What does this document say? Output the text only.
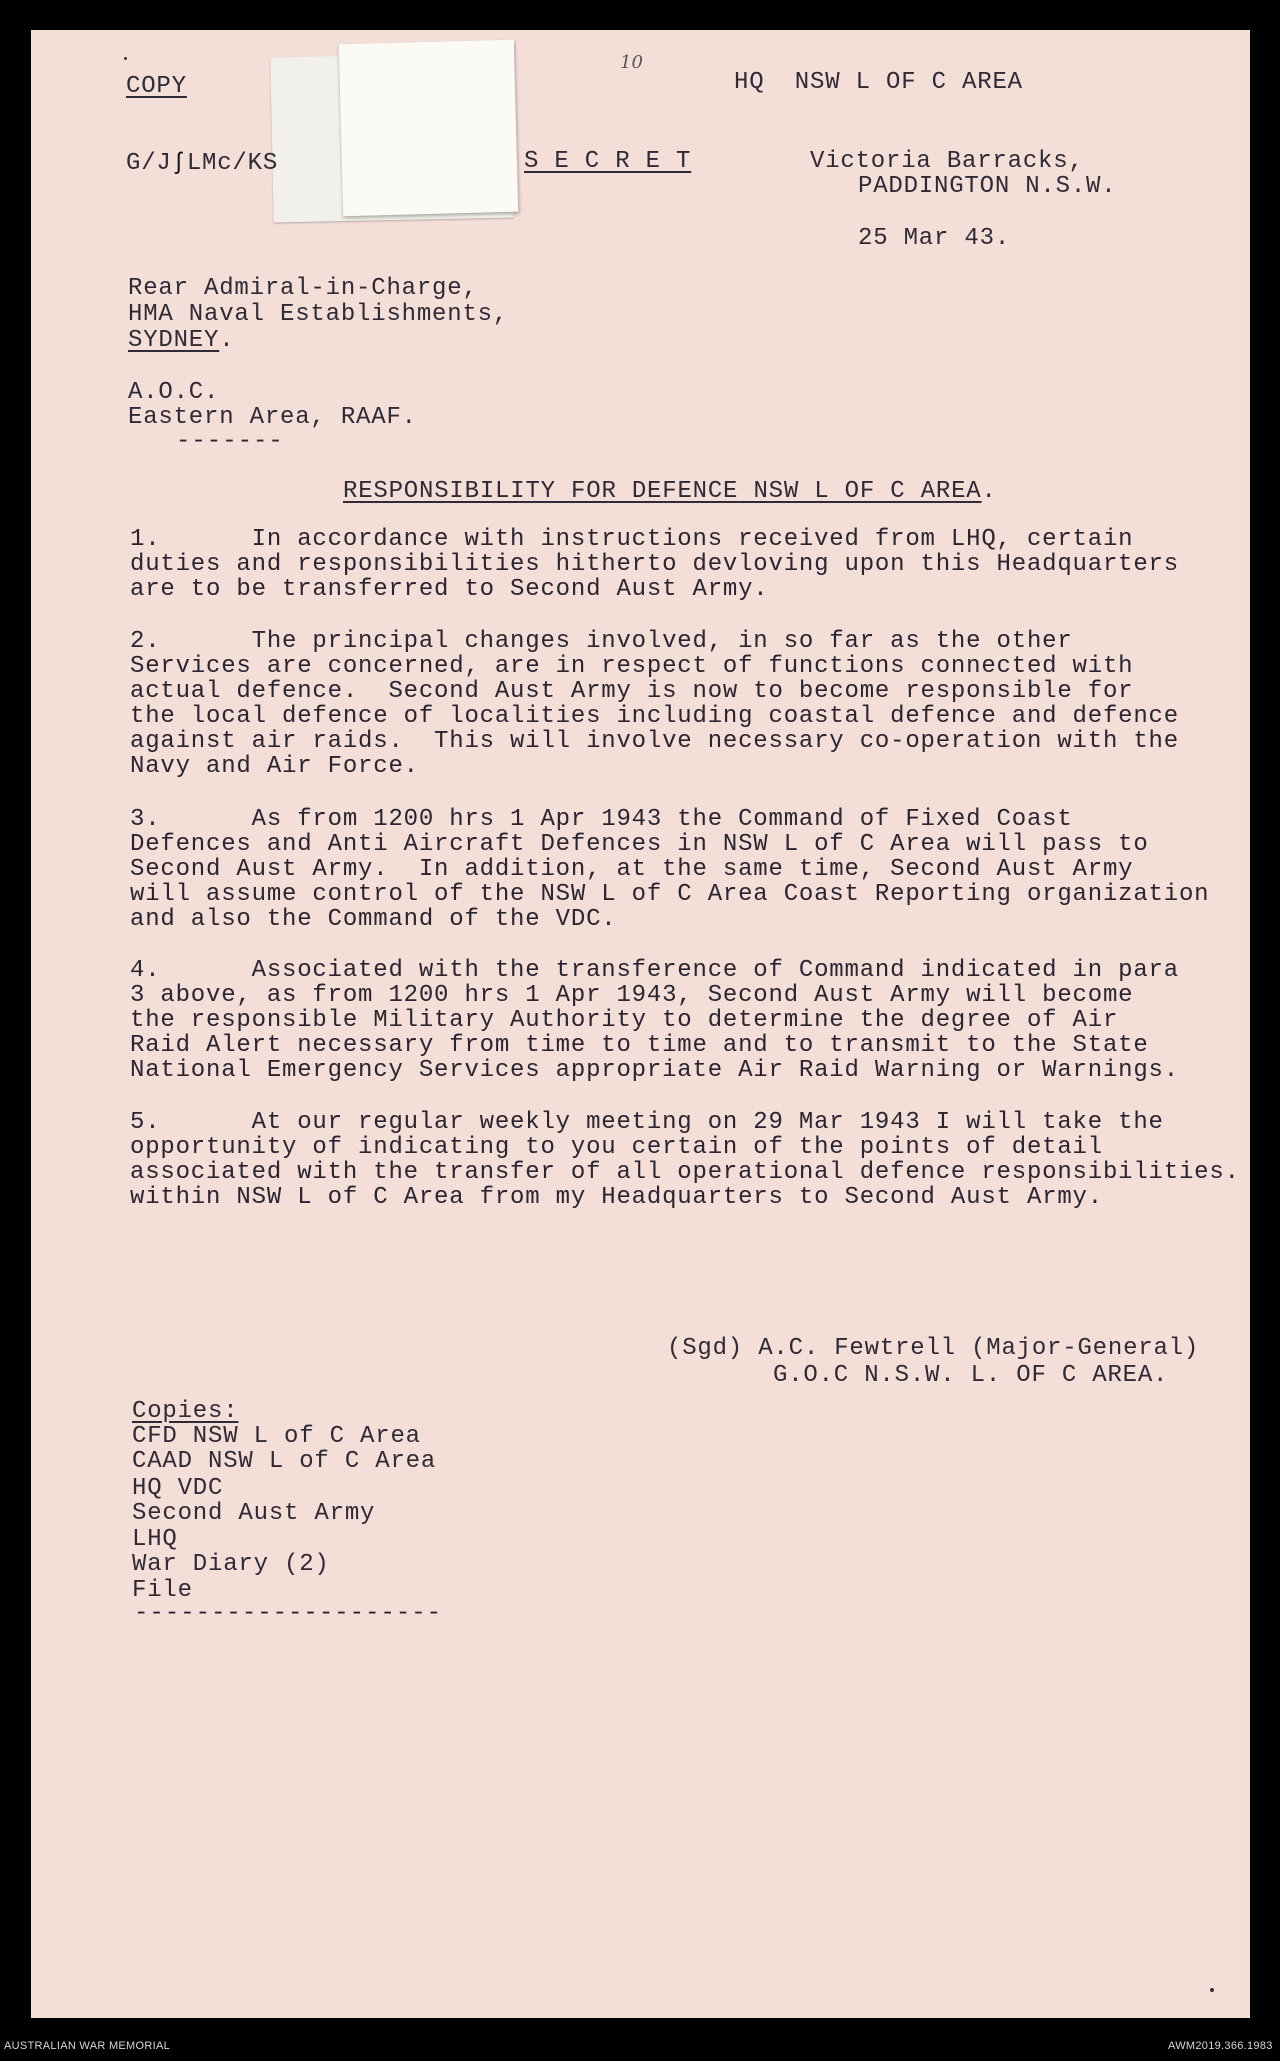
COPY
10
HQ  NSW L OF C AREA
G/JʃLMc/KS	S E C R E T	Victoria Barracks,
PADDINGTON N.S.W.
25 Mar 43.
Rear Admiral-in-Charge,
HMA Naval Establishments,
SYDNEY.
A.O.C.
Eastern Area, RAAF.
-------
RESPONSIBILITY FOR DEFENCE NSW L OF C AREA.
1.      In accordance with instructions received from LHQ, certain
duties and responsibilities hitherto devloving upon this Headquarters
are to be transferred to Second Aust Army.
2.      The principal changes involved, in so far as the other
Services are concerned, are in respect of functions connected with
actual defence.  Second Aust Army is now to become responsible for
the local defence of localities including coastal defence and defence
against air raids.  This will involve necessary co-operation with the
Navy and Air Force.
3.      As from 1200 hrs 1 Apr 1943 the Command of Fixed Coast
Defences and Anti Aircraft Defences in NSW L of C Area will pass to
Second Aust Army.  In addition, at the same time, Second Aust Army
will assume control of the NSW L of C Area Coast Reporting organization
and also the Command of the VDC.
4.      Associated with the transference of Command indicated in para
3 above, as from 1200 hrs 1 Apr 1943, Second Aust Army will become
the responsible Military Authority to determine the degree of Air
Raid Alert necessary from time to time and to transmit to the State
National Emergency Services appropriate Air Raid Warning or Warnings.
5.      At our regular weekly meeting on 29 Mar 1943 I will take the
opportunity of indicating to you certain of the points of detail
associated with the transfer of all operational defence responsibilities.
within NSW L of C Area from my Headquarters to Second Aust Army.
(Sgd) A.C. Fewtrell (Major-General)
G.O.C N.S.W. L. OF C AREA.
Copies:
CFD NSW L of C Area
CAAD NSW L of C Area
HQ VDC
Second Aust Army
LHQ
War Diary (2)
File
--------------------
AUSTRALIAN WAR MEMORIAL	AWM2019.366.1983
